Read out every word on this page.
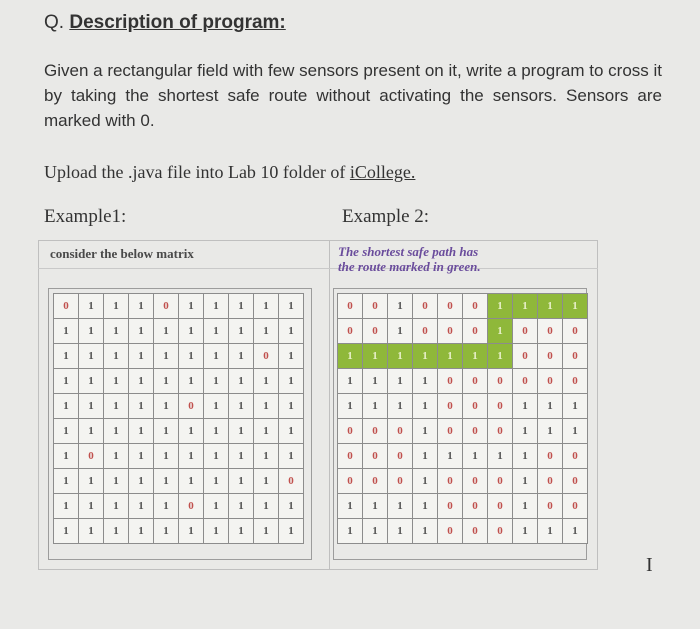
Q. Description of program:
Given a rectangular field with few sensors present on it, write a program to cross it by taking the shortest safe route without activating the sensors. Sensors are marked with 0.
Upload the .java file into Lab 10 folder of iCollege.
Example1:	Example 2:
consider the below matrix	The shortest safe path has
the route marked in green.
0	1	1	1	0	1	1	1	1	1
1	1	1	1	1	1	1	1	1	1
1	1	1	1	1	1	1	1	0	1
1	1	1	1	1	1	1	1	1	1
1	1	1	1	1	0	1	1	1	1
1	1	1	1	1	1	1	1	1	1
1	0	1	1	1	1	1	1	1	1
1	1	1	1	1	1	1	1	1	0
1	1	1	1	1	0	1	1	1	1
1	1	1	1	1	1	1	1	1	1
0	0	1	0	0	0	1	1	1	1
0	0	1	0	0	0	1	0	0	0
1	1	1	1	1	1	1	0	0	0
1	1	1	1	0	0	0	0	0	0
1	1	1	1	0	0	0	1	1	1
0	0	0	1	0	0	0	1	1	1
0	0	0	1	1	1	1	1	0	0
0	0	0	1	0	0	0	1	0	0
1	1	1	1	0	0	0	1	0	0
1	1	1	1	0	0	0	1	1	1
I
